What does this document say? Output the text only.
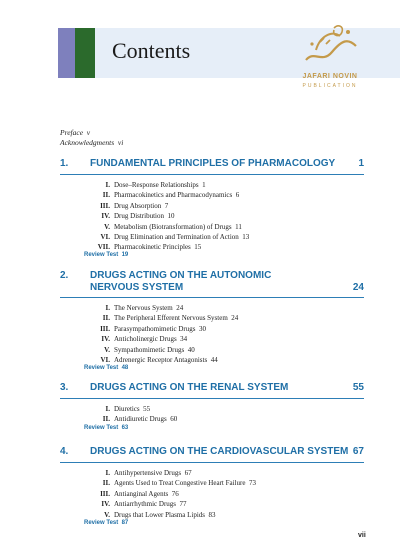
Contents
JAFARI NOVIN
PUBLICATION
Preface v
Acknowledgments vi
1. FUNDAMENTAL PRINCIPLES OF PHARMACOLOGY	1
I. Dose–Response Relationships 1
II. Pharmacokinetics and Pharmacodynamics 6
III. Drug Absorption 7
IV. Drug Distribution 10
V. Metabolism (Biotransformation) of Drugs 11
VI. Drug Elimination and Termination of Action 13
VII. Pharmacokinetic Principles 15
Review Test 19
2. DRUGS ACTING ON THE AUTONOMIC NERVOUS SYSTEM	24
I. The Nervous System 24
II. The Peripheral Efferent Nervous System 24
III. Parasympathomimetic Drugs 30
IV. Anticholinergic Drugs 34
V. Sympathomimetic Drugs 40
VI. Adrenergic Receptor Antagonists 44
Review Test 48
3. DRUGS ACTING ON THE RENAL SYSTEM	55
I. Diuretics 55
II. Antidiuretic Drugs 60
Review Test 63
4. DRUGS ACTING ON THE CARDIOVASCULAR SYSTEM 67
I. Antihypertensive Drugs 67
II. Agents Used to Treat Congestive Heart Failure 73
III. Antianginal Agents 76
IV. Antiarrhythmic Drugs 77
V. Drugs that Lower Plasma Lipids 83
Review Test 87
vii
